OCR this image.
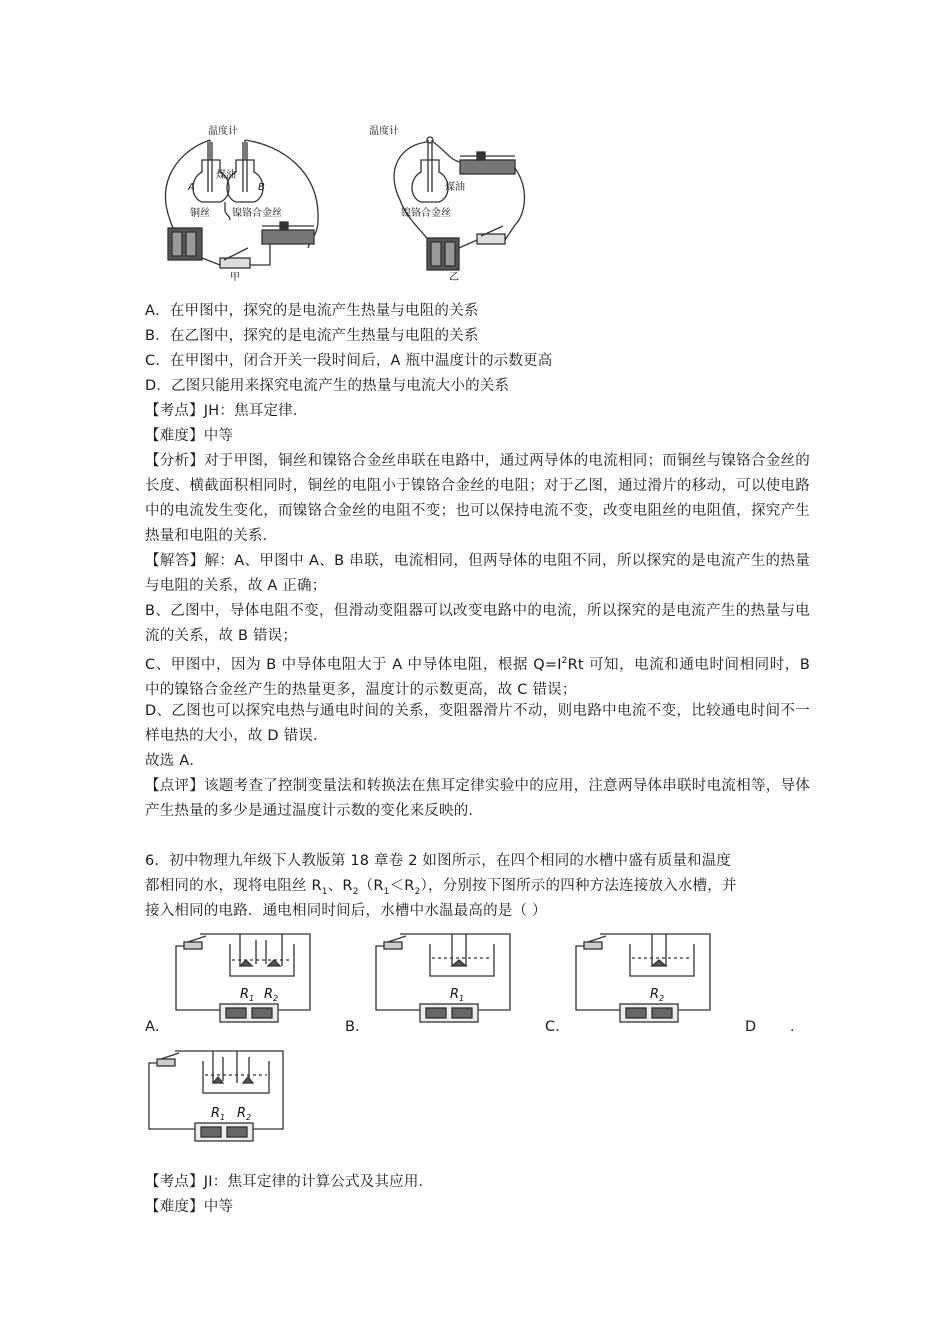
温度计
煤油
A	B
铜丝 镍铬合金丝
甲
温度计
煤油
镍铬合金丝
乙
A．在甲图中，探究的是电流产生热量与电阻的关系
B．在乙图中，探究的是电流产生热量与电阻的关系
C．在甲图中，闭合开关一段时间后，A 瓶中温度计的示数更高
D．乙图只能用来探究电流产生的热量与电流大小的关系
【考点】JH：焦耳定律．
【难度】中等
【分析】对于甲图，铜丝和镍铬合金丝串联在电路中，通过两导体的电流相同；而铜丝与镍铬合金丝的长度、横截面积相同时，铜丝的电阻小于镍铬合金丝的电阻；对于乙图，通过滑片的移动，可以使电路中的电流发生变化，而镍铬合金丝的电阻不变；也可以保持电流不变，改变电阻丝的电阻值，探究产生热量和电阻的关系．
【解答】解：A、甲图中 A、B 串联，电流相同，但两导体的电阻不同，所以探究的是电流产生的热量与电阻的关系，故 A 正确；
B、乙图中，导体电阻不变，但滑动变阻器可以改变电路中的电流，所以探究的是电流产生的热量与电流的关系，故 B 错误；
C、甲图中，因为 B 中导体电阻大于 A 中导体电阻，根据 $Q=I^2Rt$ 可知，电流和通电时间相同时，B 中的镍铬合金丝产生的热量更多，温度计的示数更高，故 C 错误；
D、乙图也可以探究电热与通电时间的关系，变阻器滑片不动，则电路中电流不变，比较通电时间不一样电热的大小，故 D 错误．
故选 A．
【点评】该题考查了控制变量法和转换法在焦耳定律实验中的应用，注意两导体串联时电流相等，导体产生热量的多少是通过温度计示数的变化来反映的．
6．初中物理九年级下人教版第 18 章卷 2 如图所示，在四个相同的水槽中盛有质量和温度
都相同的水，现将电阻丝 $R_1$、$R_2(R_1<R_2)$，分别按下图所示的四种方法连接放入水槽，并
接入相同的电路．通电相同时间后，水槽中水温最高的是（ ）
$R_1$ $R_2$
A．
$R_1$
B．
$R_2$
C．	D ．
$R_1$ $R_2$
【考点】JI：焦耳定律的计算公式及其应用．
【难度】中等
